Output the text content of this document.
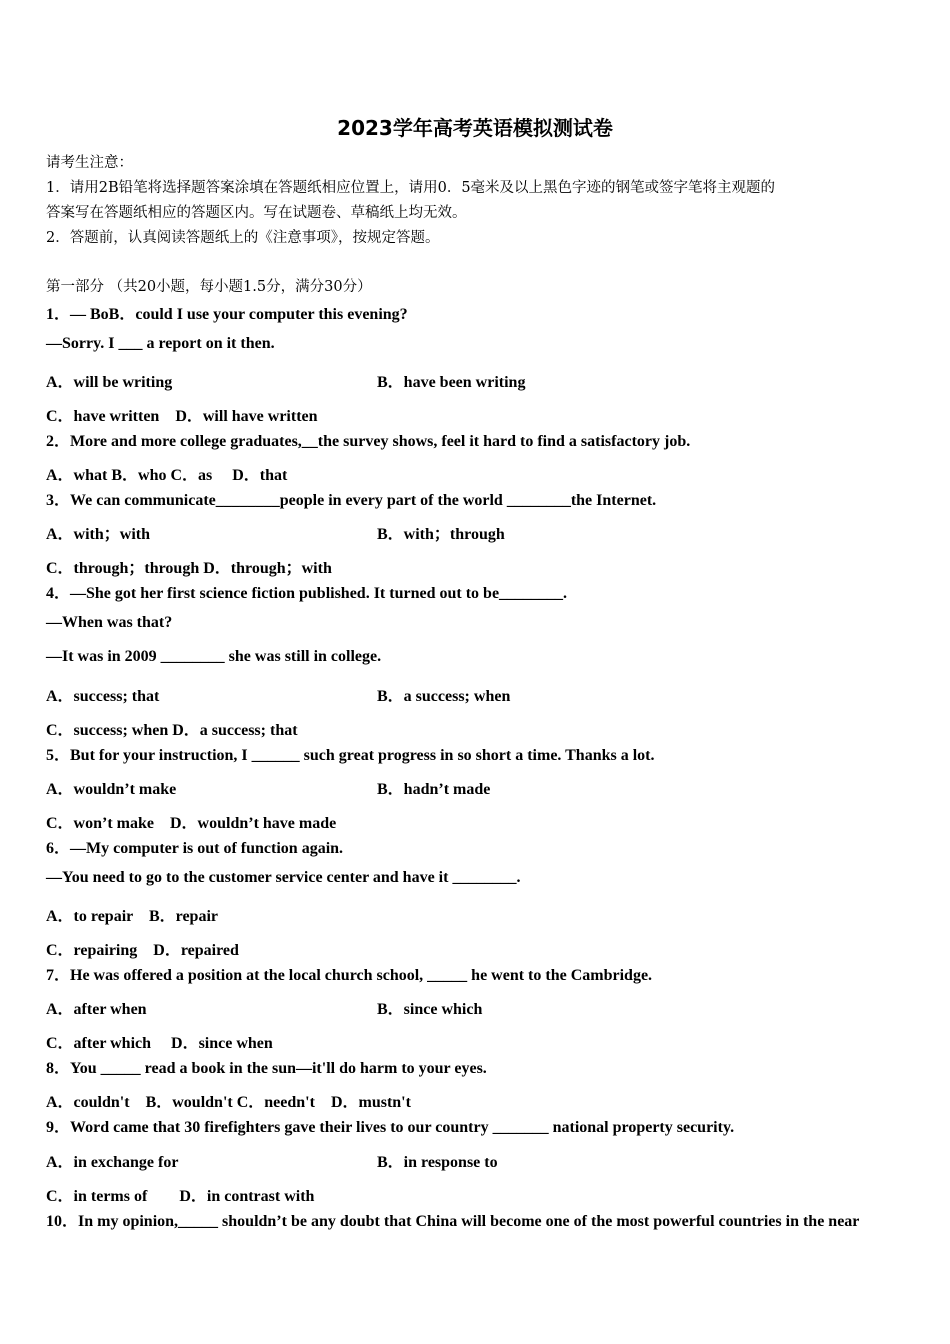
2023学年高考英语模拟测试卷
请考生注意：
1．请用2B铅笔将选择题答案涂填在答题纸相应位置上，请用0．5毫米及以上黑色字迹的钢笔或签字笔将主观题的
答案写在答题纸相应的答题区内。写在试题卷、草稿纸上均无效。
2．答题前，认真阅读答题纸上的《注意事项》，按规定答题。
第一部分 （共20小题，每小题1.5分，满分30分）
1．— BoB．could I use your computer this evening?
—Sorry. I ___ a report on it then.
A．will be writing	B．have been writing
C．have written　D．will have written
2．More and more college graduates,__the survey shows, feel it hard to find a satisfactory job.
A．what B．who C．as　 D．that
3．We can communicate________people in every part of the world ________the Internet.
A．with；with	B．with；through
C．through；through D．through；with
4．—She got her first science fiction published. It turned out to be________.
—When was that?
—It was in 2009 ________ she was still in college.
A．success; that	B．a success; when
C．success; when D．a success; that
5．But for your instruction, I ______ such great progress in so short a time. Thanks a lot.
A．wouldn’t make	B．hadn’t made
C．won’t make　D．wouldn’t have made
6．—My computer is out of function again.
—You need to go to the customer service center and have it ________.
A．to repair　B．repair
C．repairing　D．repaired
7．He was offered a position at the local church school, _____ he went to the Cambridge.
A．after when	B．since which
C．after which　 D．since when
8．You _____ read a book in the sun—it'll do harm to your eyes.
A．couldn't　B．wouldn't C．needn't　D．mustn't
9．Word came that 30 firefighters gave their lives to our country _______ national property security.
A．in exchange for	B．in response to
C．in terms of　　D．in contrast with
10．In my opinion,_____ shouldn’t be any doubt that China will become one of the most powerful countries in the near
